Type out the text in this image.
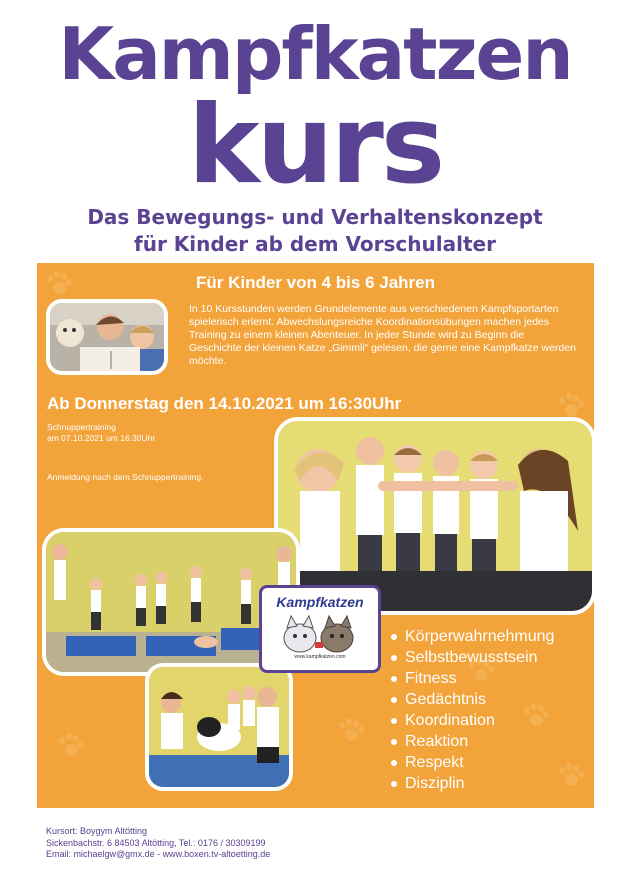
Kampfkatzen
kurs
Das Bewegungs- und Verhaltenskonzept
für Kinder ab dem Vorschulalter
Für Kinder von 4 bis 6 Jahren
In 10 Kursstunden werden Grundelemente aus verschiedenen Kampfsportarten spielerisch erlernt. Abwechslungsreiche Koordinationsübungen machen jedes Training zu einem kleinen Abenteuer. In jeder Stunde wird zu Beginn die Geschichte der kleinen Katze „Gimmli“ gelesen, die gerne eine Kampfkatze werden möchte.
Ab Donnerstag den 14.10.2021 um 16:30Uhr
Schnuppertraining
am 07.10.2021 um 16:30Uhr
Anmeldung nach dem Schnuppertraining.
Kampfkatzen
www.kampfkatzen.com
Körperwahrnehmung
Selbstbewusstsein
Fitness
Gedächtnis
Koordination
Reaktion
Respekt
Disziplin
Kursort: Boygym Altötting
Sickenbachstr. 6 84503 Altötting, Tel.: 0176 / 30309199
Email: michaelgw@gmx.de - www.boxen.tv-altoetting.de
